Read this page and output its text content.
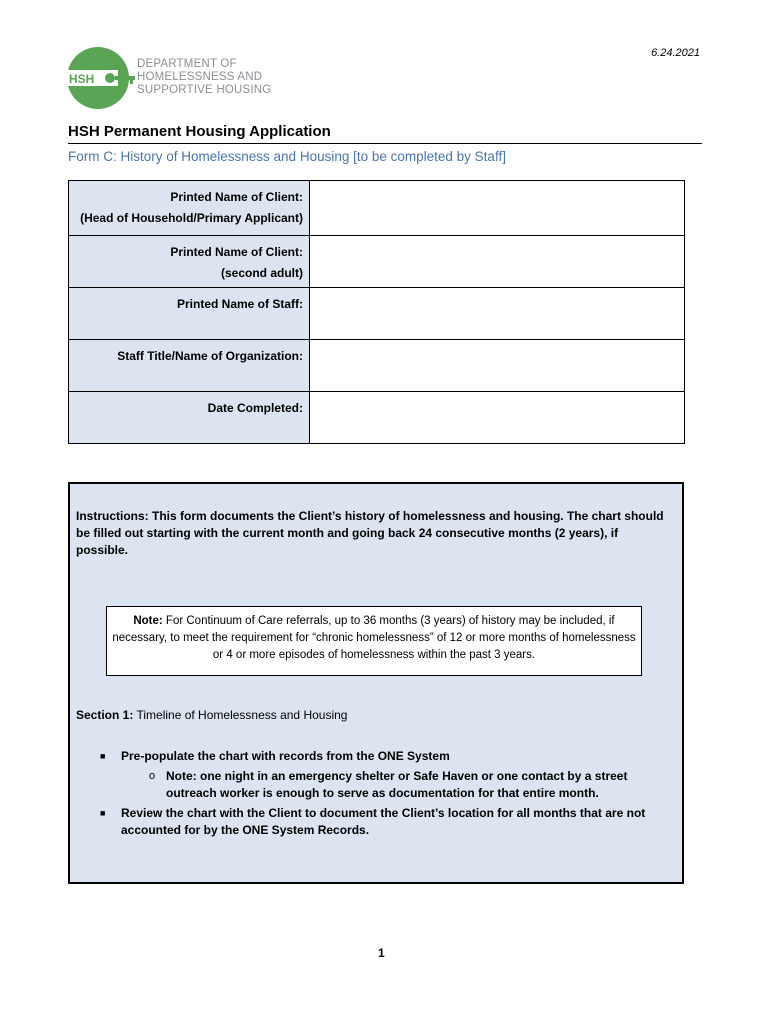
6.24.2021
HSH
DEPARTMENT OF
HOMELESSNESS AND
SUPPORTIVE HOUSING
HSH Permanent Housing Application
Form C: History of Homelessness and Housing [to be completed by Staff]
Printed Name of Client:
(Head of Household/Primary Applicant)	
Printed Name of Client:
(second adult)	
Printed Name of Staff:	
Staff Title/Name of Organization:	
Date Completed:	
Instructions: This form documents the Client’s history of homelessness and housing. The chart should be filled out starting with the current month and going back 24 consecutive months (2 years), if possible.
Note: For Continuum of Care referrals, up to 36 months (3 years) of history may be included, if necessary, to meet the requirement for “chronic homelessness” of 12 or more months of homelessness or 4 or more episodes of homelessness within the past 3 years.
Section 1: Timeline of Homelessness and Housing
■ Pre-populate the chart with records from the ONE System
o Note: one night in an emergency shelter or Safe Haven or one contact by a street outreach worker is enough to serve as documentation for that entire month.
■ Review the chart with the Client to document the Client’s location for all months that are not accounted for by the ONE System Records.
1
